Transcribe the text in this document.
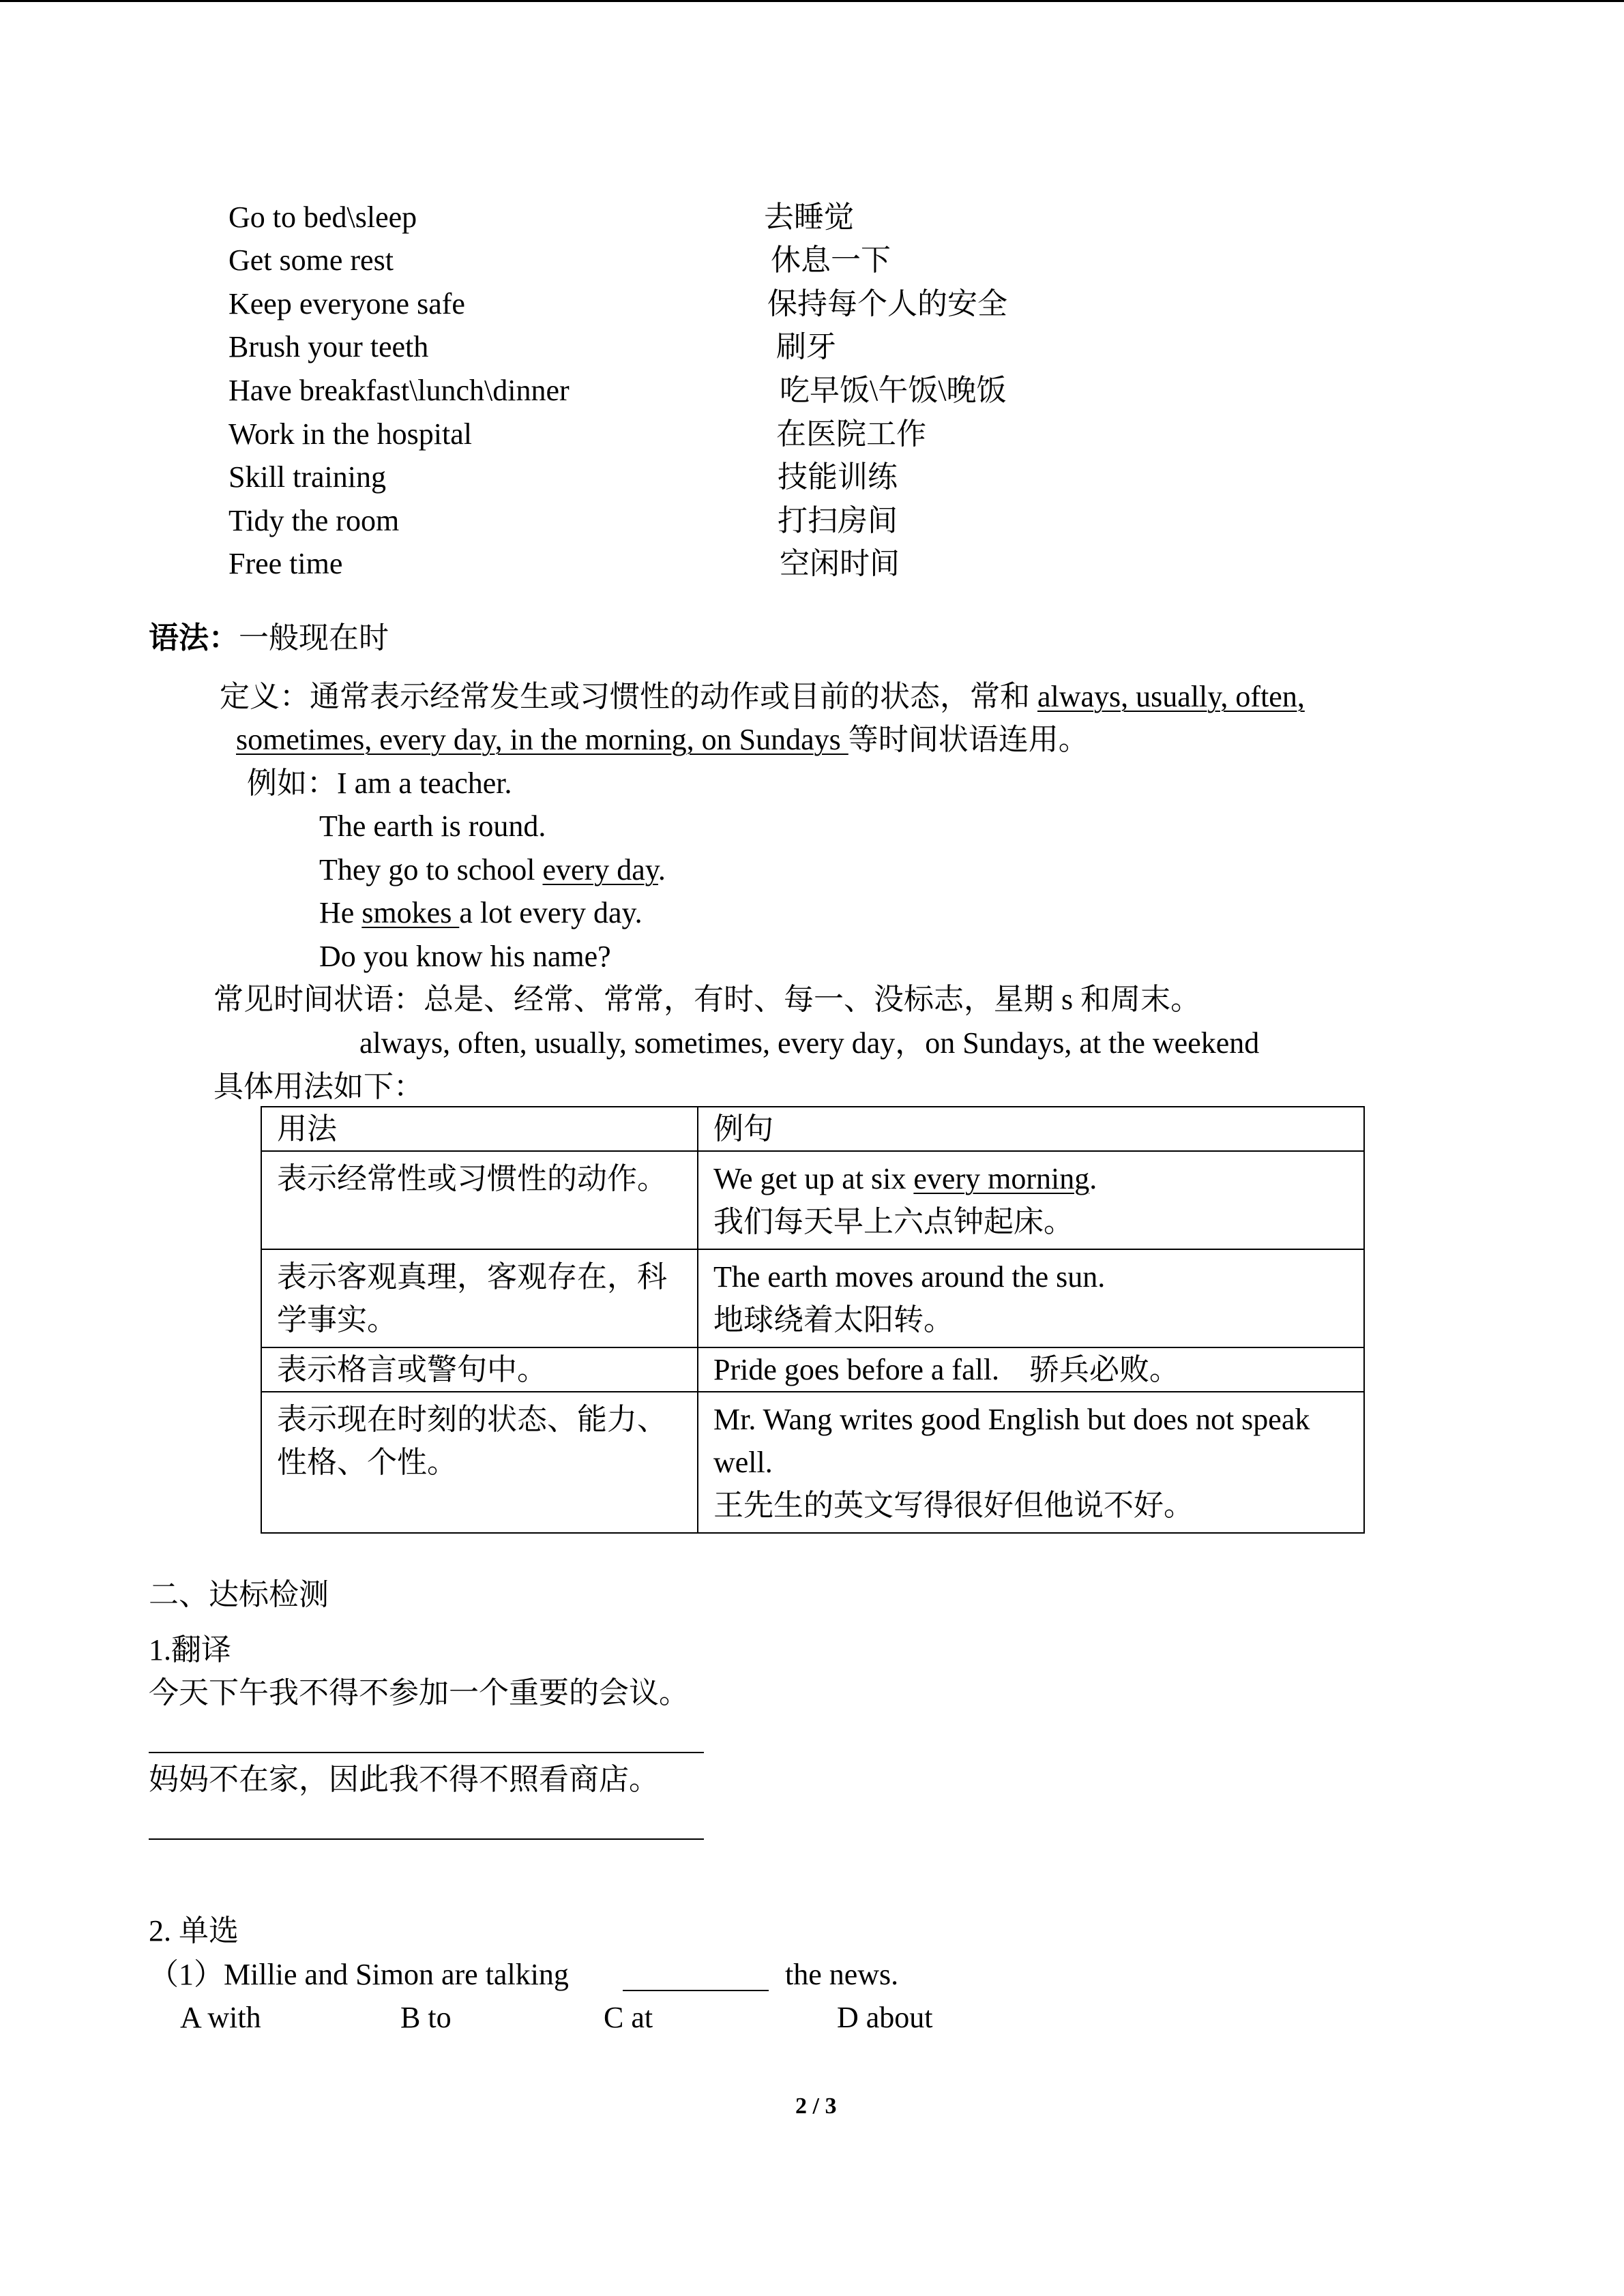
Go to bed\sleep	去睡觉
Get some rest	休息一下
Keep everyone safe	保持每个人的安全
Brush your teeth	刷牙
Have breakfast\lunch\dinner	吃早饭\午饭\晚饭
Work in the hospital	在医院工作
Skill training	技能训练
Tidy the room	打扫房间
Free time	空闲时间
语法：一般现在时
定义：通常表示经常发生或习惯性的动作或目前的状态，常和 always, usually, often,
sometimes, every day, in the morning, on Sundays 等时间状语连用。
例如：I am a teacher.
The earth is round.
They go to school every day.
He smokes a lot every day.
Do you know his name?
常见时间状语：总是、经常、常常，有时、每一、没标志，星期 s 和周末。
always, often, usually, sometimes, every day，on Sundays, at the weekend
具体用法如下：
用法	例句
表示经常性或习惯性的动作。	We get up at six every morning.
我们每天早上六点钟起床。

表示客观真理，客观存在，科学事实。	The earth moves around the sun.
地球绕着太阳转。

表示格言或警句中。	Pride goes before a fall.    骄兵必败。
表示现在时刻的状态、能力、性格、个性。	Mr. Wang writes good English but does not speak well.
王先生的英文写得很好但他说不好。
二、达标检测
1.翻译
今天下午我不得不参加一个重要的会议。
妈妈不在家，因此我不得不照看商店。
2. 单选
（1）Millie and Simon are talking	the news.
A with	B to	C at	D about
2 / 3
